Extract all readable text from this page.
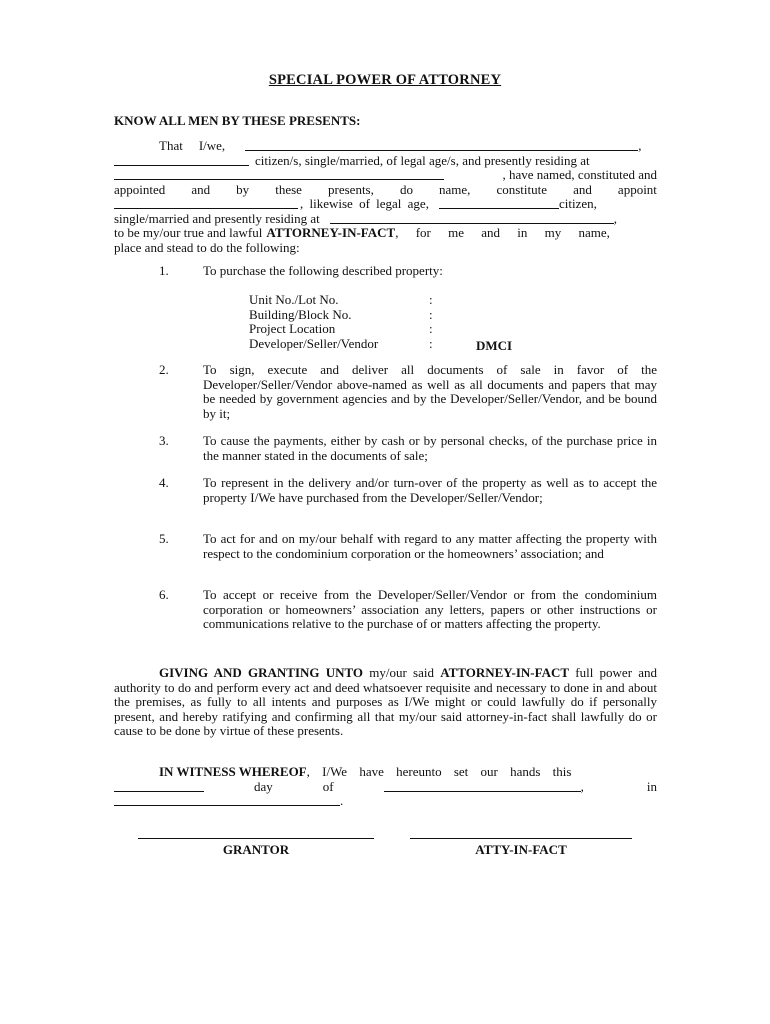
SPECIAL POWER OF ATTORNEY
KNOW ALL MEN BY THESE PRESENTS:
That I/we,	,
citizen/s, single/married, of legal age/s, and presently residing at
, have named, constituted and
appointed and by these presents, do name, constitute and appoint
, likewise of legal age,	citizen,
single/married and presently residing at	,
to be my/our true and lawful ATTORNEY-IN-FACT , for me and in my name,
place and stead to do the following:
1.	To purchase the following described property:
Unit No./Lot No.	:
Building/Block No.	:
Project Location	:
Developer/Seller/Vendor	:	DMCI
2.	To sign, execute and deliver all documents of sale in favor of the Developer/Seller/Vendor above-named as well as all documents and papers that may be needed by government agencies and by the Developer/Seller/Vendor, and be bound by it;
3.	To cause the payments, either by cash or by personal checks, of the purchase price in the manner stated in the documents of sale;
4.	To represent in the delivery and/or turn-over of the property as well as to accept the property I/We have purchased from the Developer/Seller/Vendor;
5.	To act for and on my/our behalf with regard to any matter affecting the property with respect to the condominium corporation or the homeowners’ association; and
6.	To accept or receive from the Developer/Seller/Vendor or from the condominium corporation or homeowners’ association any letters, papers or other instructions or communications relative to the purchase of or matters affecting the property.
GIVING AND GRANTING UNTO my/our said ATTORNEY-IN-FACT full power and authority to do and perform every act and deed whatsoever requisite and necessary to done in and about the premises, as fully to all intents and purposes as I/We might or could lawfully do if personally present, and hereby ratifying and confirming all that my/our said attorney-in-fact shall lawfully do or cause to be done by virtue of these presents.
IN WITNESS WHEREOF , I/We have hereunto set our hands this
day	of	,	in
.
GRANTOR	ATTY-IN-FACT
